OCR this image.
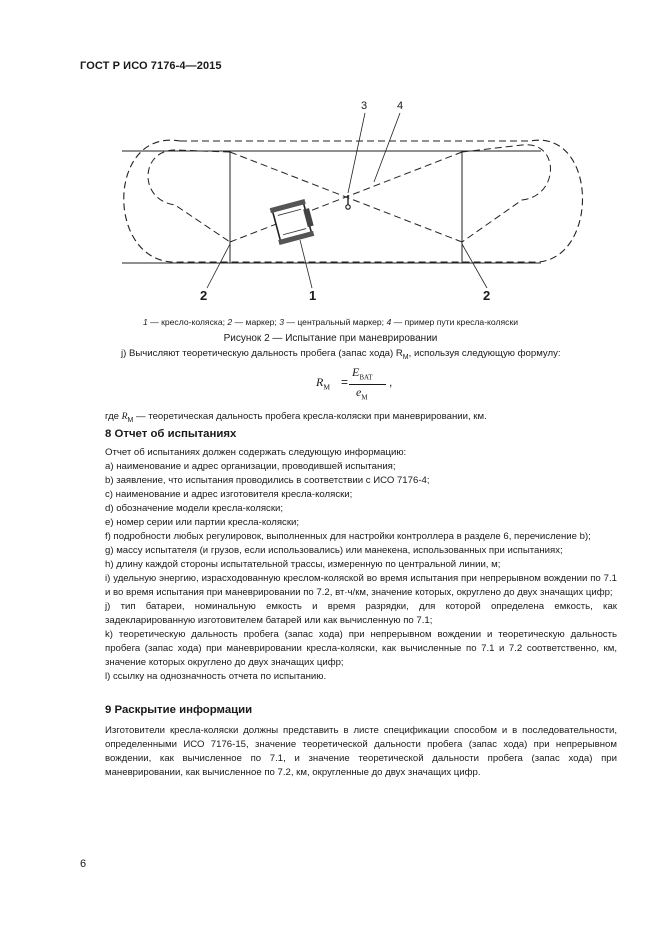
ГОСТ Р ИСО 7176-4—2015
3	4
2	1	2
1 — кресло-коляска; 2 — маркер; 3 — центральный маркер; 4 — пример пути кресла-коляски
Рисунок 2 — Испытание при маневрировании
j) Вычисляют теоретическую дальность пробега (запас хода) $R_M$, используя следующую формулу:
$R_M$ =
$E_{BAT}$
$e_M$
,
где $R_M$ — теоретическая дальность пробега кресла-коляски при маневрировании, км.
8 Отчет об испытаниях
Отчет об испытаниях должен содержать следующую информацию:
a) наименование и адрес организации, проводившей испытания;
b) заявление, что испытания проводились в соответствии с ИСО 7176-4;
c) наименование и адрес изготовителя кресла-коляски;
d) обозначение модели кресла-коляски;
e) номер серии или партии кресла-коляски;
f) подробности любых регулировок, выполненных для настройки контроллера в разделе 6, перечисление b);
g) массу испытателя (и грузов, если использовались) или манекена, использованных при испытаниях;
h) длину каждой стороны испытательной трассы, измеренную по центральной линии, м;
i) удельную энергию, израсходованную креслом-коляской во время испытания при непрерывном вождении по 7.1 и во время испытания при маневрировании по 7.2, вт·ч/км, значение которых, округлено до двух значащих цифр;
j) тип батареи, номинальную емкость и время разрядки, для которой определена емкость, как задекларированную изготовителем батарей или как вычисленную по 7.1;
k) теоретическую дальность пробега (запас хода) при непрерывном вождении и теоретическую дальность пробега (запас хода) при маневрировании кресла-коляски, как вычисленные по 7.1 и 7.2 соответственно, км, значение которых округлено до двух значащих цифр;
l) ссылку на однозначность отчета по испытанию.
9 Раскрытие информации
Изготовители кресла-коляски должны представить в листе спецификации способом и в последовательности, определенными ИСО 7176-15, значение теоретической дальности пробега (запас хода) при непрерывном вождении, как вычисленное по 7.1, и значение теоретической дальности пробега (запас хода) при маневрировании, как вычисленное по 7.2, км, округленные до двух значащих цифр.
6
